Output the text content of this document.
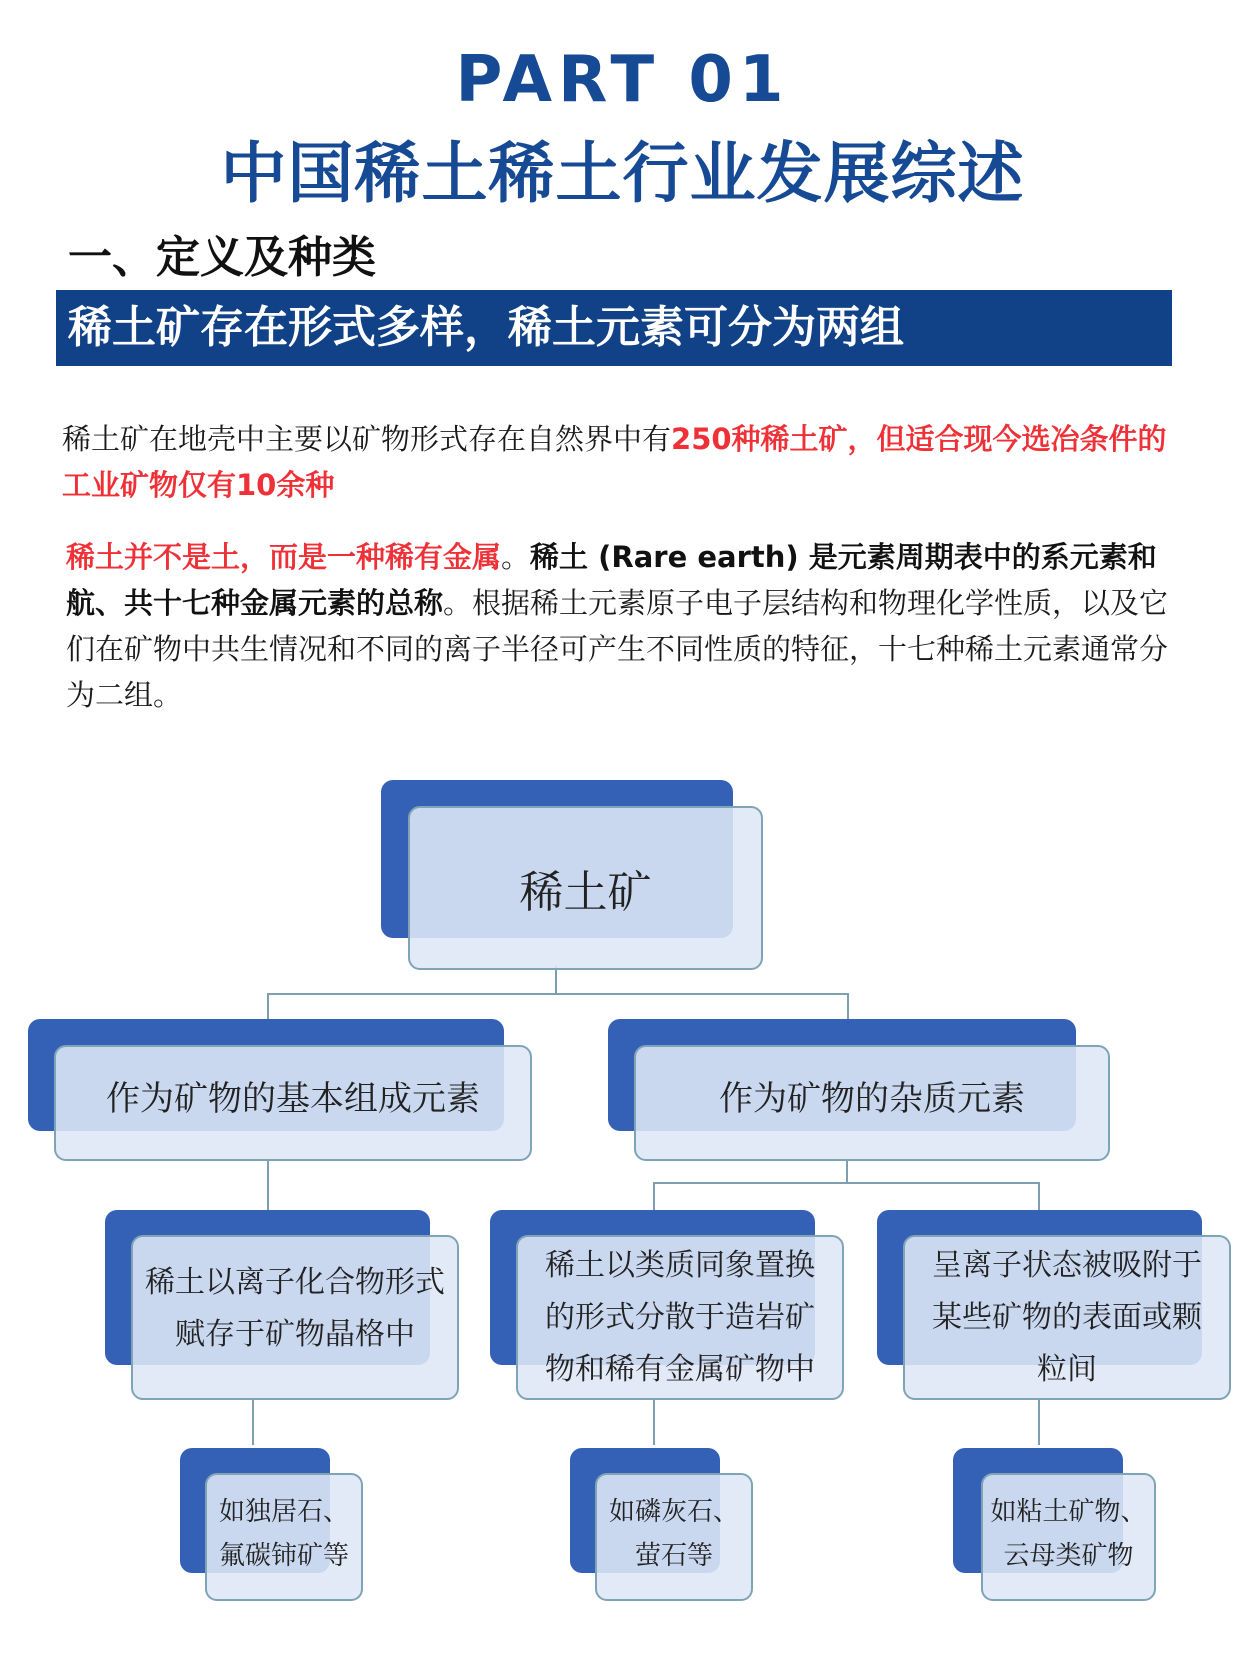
PART 01
中国稀土稀土行业发展综述
一、定义及种类
稀土矿存在形式多样，稀土元素可分为两组
稀土矿在地壳中主要以矿物形式存在自然界中有250种稀土矿，但适合现今选冶条件的工业矿物仅有10余种
稀土并不是土，而是一种稀有金属。稀土 (Rare earth) 是元素周期表中的系元素和航、共十七种金属元素的总称。根据稀土元素原子电子层结构和物理化学性质，以及它们在矿物中共生情况和不同的离子半径可产生不同性质的特征，十七种稀土元素通常分为二组。
稀土矿
作为矿物的基本组成元素	作为矿物的杂质元素
稀土以离子化合物形式赋存于矿物晶格中
稀土以类质同象置换的形式分散于造岩矿物和稀有金属矿物中
呈离子状态被吸附于某些矿物的表面或颗粒间
如独居石、氟碳铈矿等
如磷灰石、萤石等
如粘土矿物、云母类矿物
